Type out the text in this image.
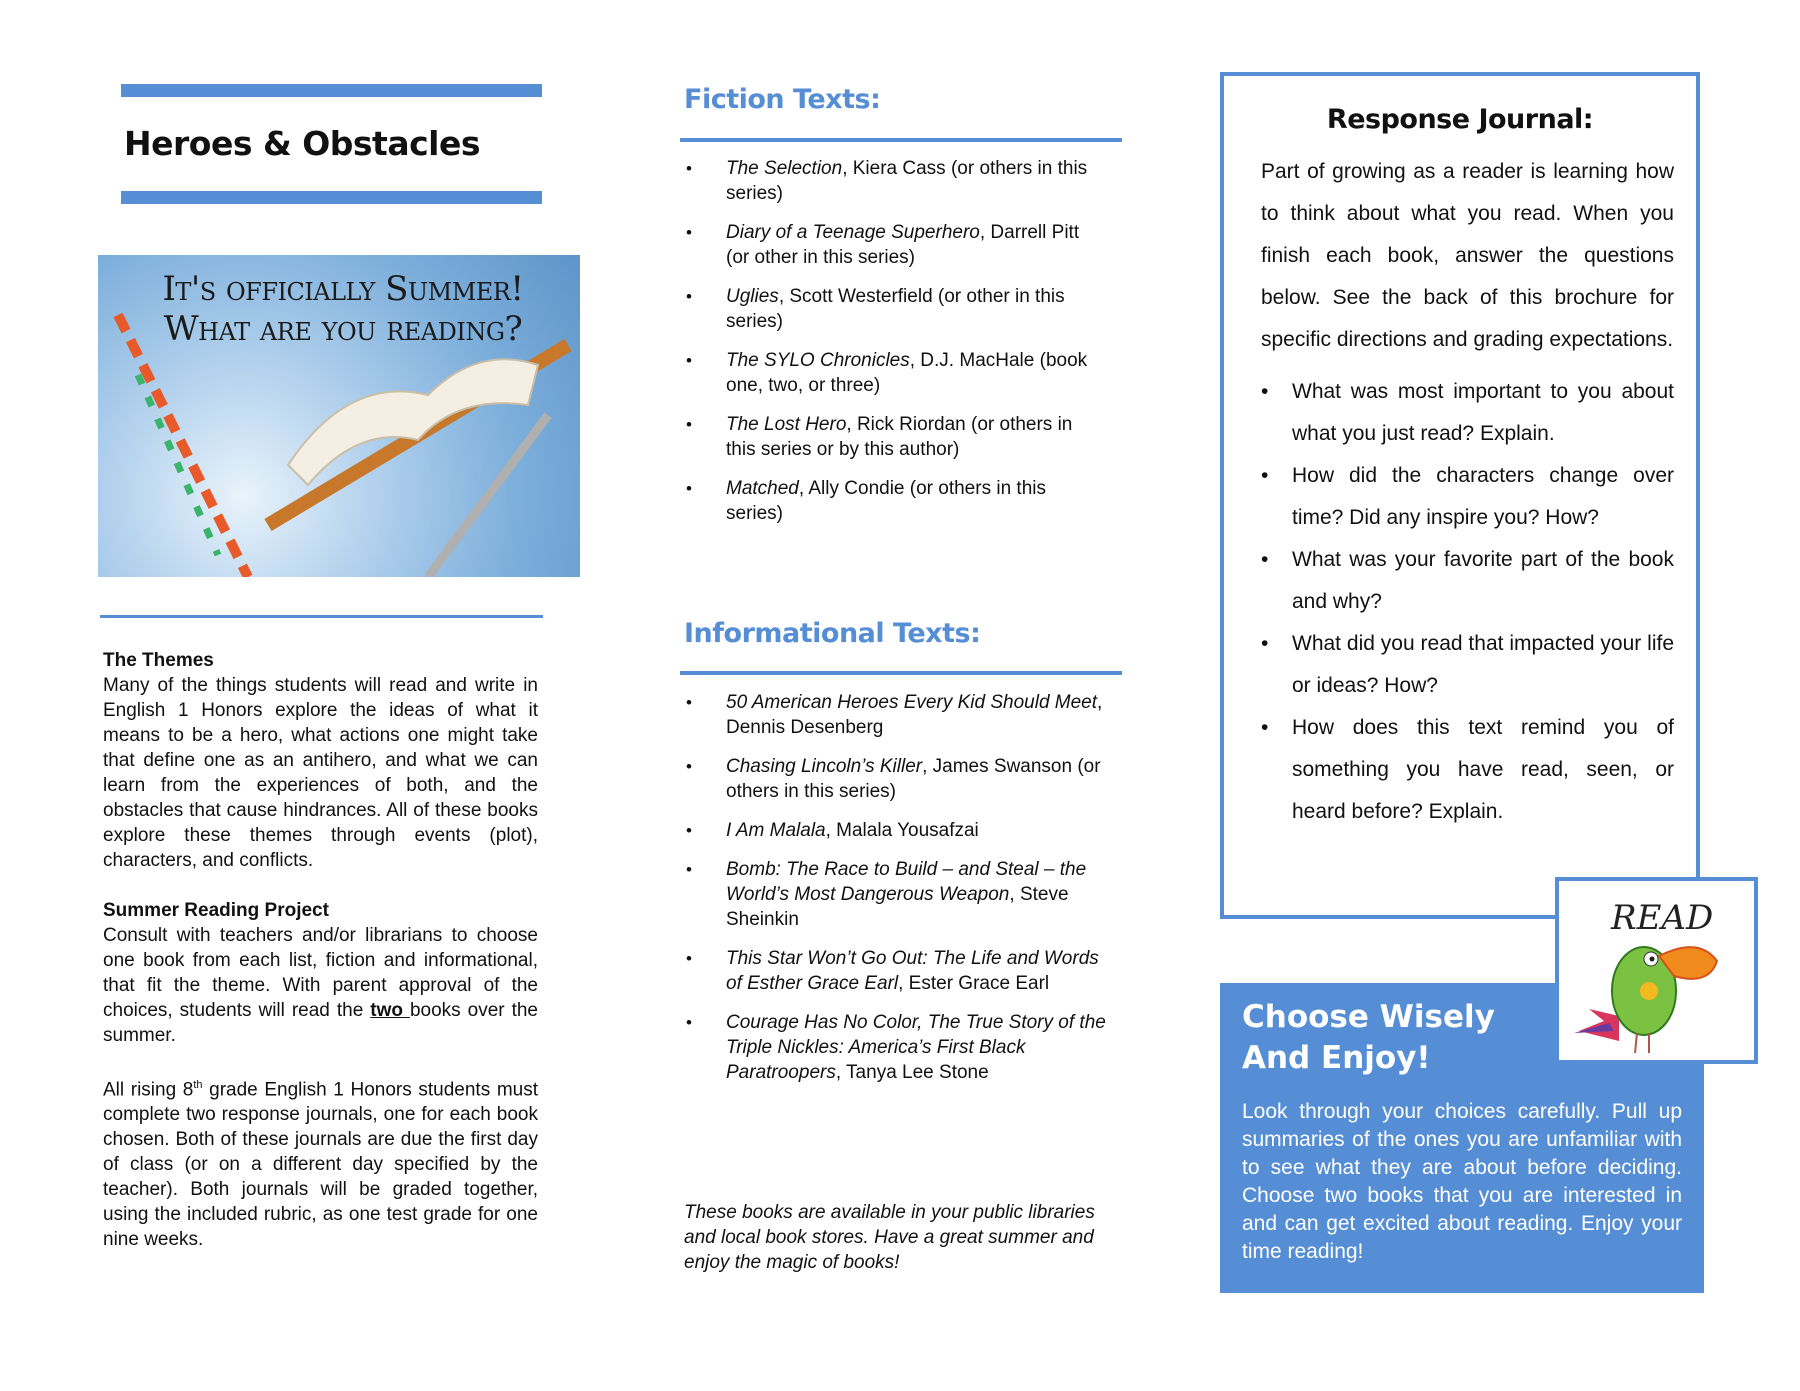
Heroes & Obstacles
It's officially Summer!
What are you reading?
The Themes

Many of the things students will read and write in English 1 Honors explore the ideas of what it means to be a hero, what actions one might take that define one as an antihero, and what we can learn from the experiences of both, and the obstacles that cause hindrances. All of these books explore these themes through events (plot), characters, and conflicts.

Summer Reading Project

Consult with teachers and/or librarians to choose one book from each list, fiction and informational, that fit the theme. With parent approval of the choices, students will read the two books over the summer.

All rising 8th grade English 1 Honors students must complete two response journals, one for each book chosen. Both of these journals are due the first day of class (or on a different day specified by the teacher). Both journals will be graded together, using the included rubric, as one test grade for one nine weeks.

Fiction Texts:
• The Selection, Kiera Cass (or others in this series)
• Diary of a Teenage Superhero, Darrell Pitt (or other in this series)
• Uglies, Scott Westerfield (or other in this series)
• The SYLO Chronicles, D.J. MacHale (book one, two, or three)
• The Lost Hero, Rick Riordan (or others in this series or by this author)
• Matched, Ally Condie (or others in this series)
Informational Texts:
• 50 American Heroes Every Kid Should Meet, Dennis Desenberg
• Chasing Lincoln’s Killer, James Swanson (or others in this series)
• I Am Malala, Malala Yousafzai
• Bomb: The Race to Build – and Steal – the World’s Most Dangerous Weapon, Steve Sheinkin
• This Star Won’t Go Out: The Life and Words of Esther Grace Earl, Ester Grace Earl
• Courage Has No Color, The True Story of the Triple Nickles: America’s First Black Paratroopers, Tanya Lee Stone
These books are available in your public libraries and local book stores. Have a great summer and enjoy the magic of books!
Response Journal:

Part of growing as a reader is learning how to think about what you read. When you finish each book, answer the questions below. See the back of this brochure for specific directions and grading expectations.

• What was most important to you about what you just read? Explain.
• How did the characters change over time? Did any inspire you? How?
• What was your favorite part of the book and why?
• What did you read that impacted your life or ideas? How?
• How does this text remind you of something you have read, seen, or heard before? Explain.
Choose Wisely
And Enjoy!

Look through your choices carefully. Pull up summaries of the ones you are unfamiliar with to see what they are about before deciding. Choose two books that you are interested in and can get excited about reading. Enjoy your time reading!

READ
